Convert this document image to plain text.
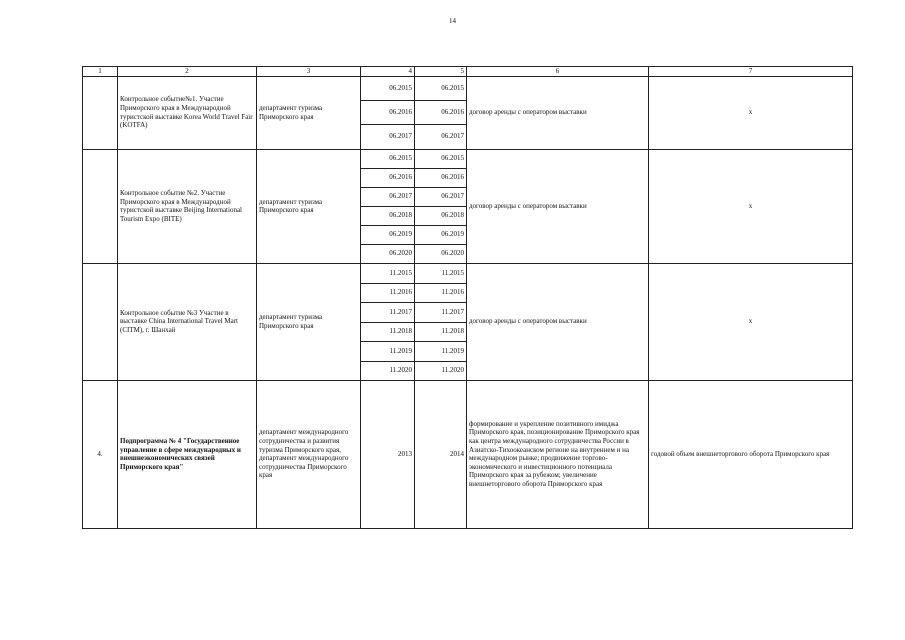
14
1	2	3	4	5	6	7
	Контрольное событие№1. Участие Приморского края в Международной туристской выставке Korea World Travel Fair (KOTFA)	департамент туризма Приморского края	06.2015	06.2015	договор аренды с оператором выставки	x
			06.2016	06.2016		
			06.2017	06.2017		
	Контрольное событие №2. Участие Приморского края в Международной туристской выставке Beijing International Tourism Expo (BITE)	департамент туризма Приморского края	06.2015	06.2015	договор аренды с оператором выставки	x
			06.2016	06.2016		
			06.2017	06.2017		
			06.2018	06.2018		
			06.2019	06.2019		
			06.2020	06.2020		
	Контрольное событие №3 Участие в выставке China International Travel Mart (CITM), г. Шанхай	департамент туризма Приморского края	11.2015	11.2015	договор аренды с оператором выставки	x
			11.2016	11.2016		
			11.2017	11.2017		
			11.2018	11.2018		
			11.2019	11.2019		
			11.2020	11.2020		
4.	Подпрограмма № 4 "Государственное управление в сфере международных и внешнеэкономических связей Приморского края"	департамент международного сотрудничества и развития туризма Приморского края, департамент международного сотрудничества Приморского края	2013	2014	формирование и укрепление позитивного имиджа Приморского края, позиционирование Приморского края как центра международного сотрудничества России в Азиатско-Тихоокеанском регионе на внутреннем и на международном рынке; продвижение торгово-экономического и инвестиционного потенциала Приморского края за рубежом; увеличение внешнеторгового оборота Приморского края	годовой объем внешнеторгового оборота Приморского края
